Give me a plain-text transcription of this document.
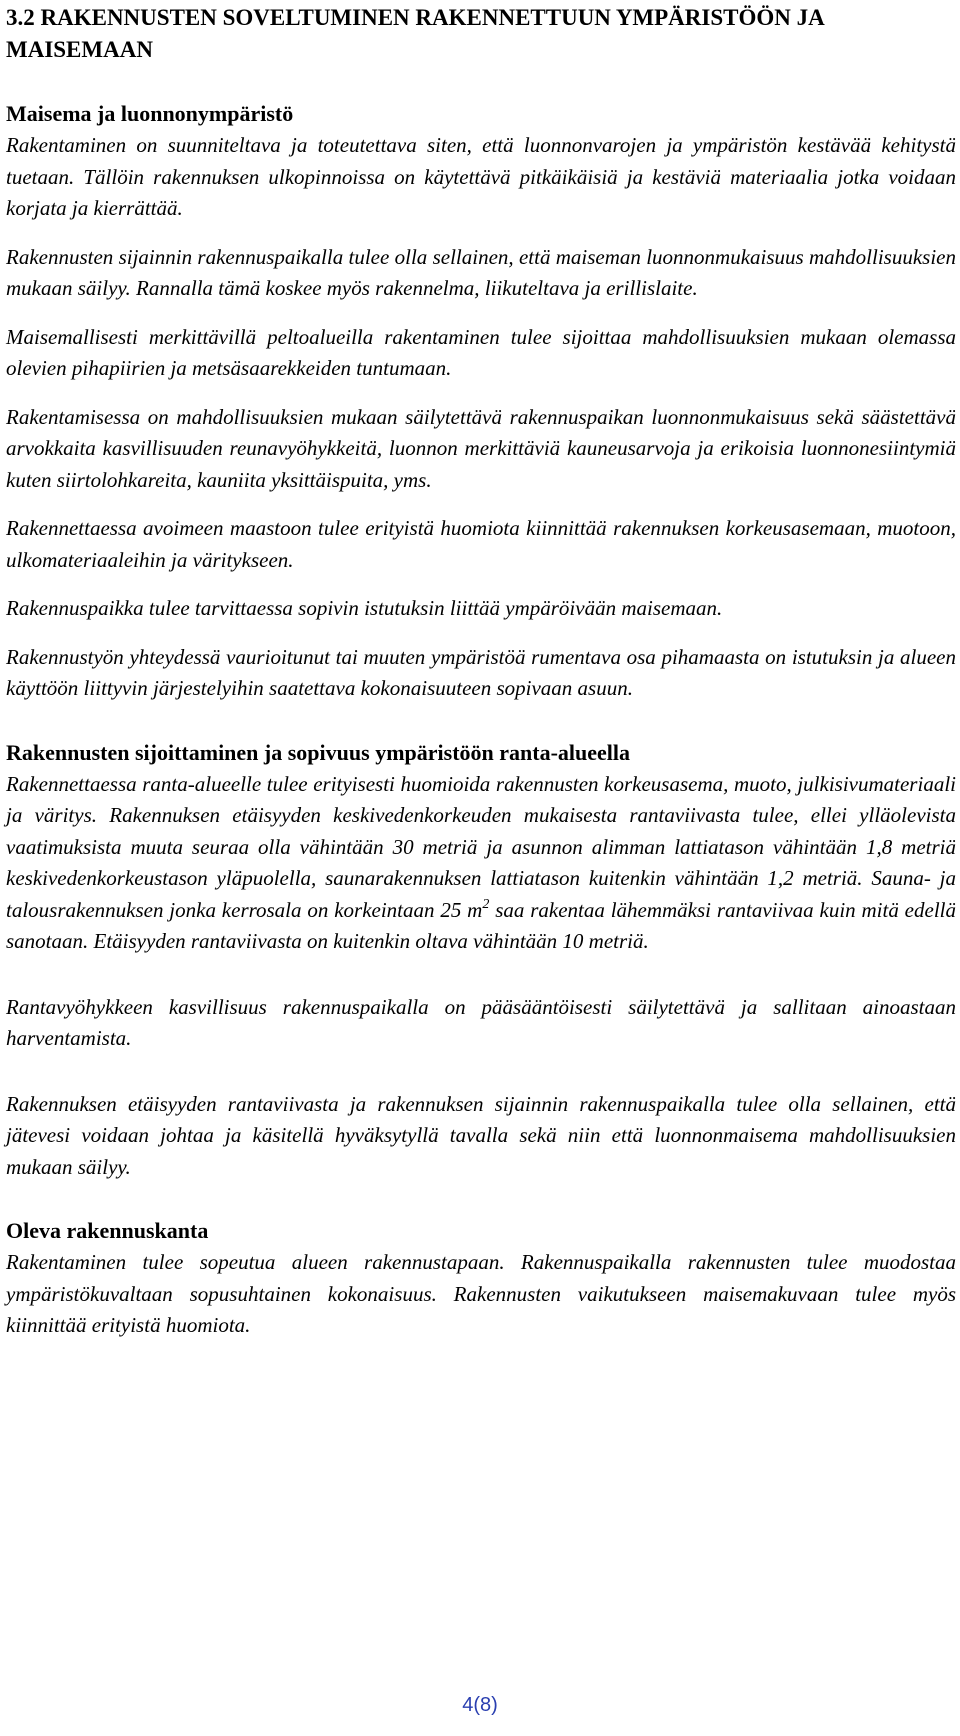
3.2 RAKENNUSTEN SOVELTUMINEN RAKENNETTUUN YMPÄRISTÖÖN JA MAISEMAAN
Maisema ja luonnonympäristö

Rakentaminen on suunniteltava ja toteutettava siten, että luonnonvarojen ja ympäristön kestävää kehitystä tuetaan. Tällöin rakennuksen ulkopinnoissa on käytettävä pitkäikäisiä ja kestäviä materiaalia jotka voidaan korjata ja kierrättää.

Rakennusten sijainnin rakennuspaikalla tulee olla sellainen, että maiseman luonnonmukaisuus mahdollisuuksien mukaan säilyy. Rannalla tämä koskee myös rakennelma, liikuteltava ja erillislaite.

Maisemallisesti merkittävillä peltoalueilla rakentaminen tulee sijoittaa mahdollisuuksien mukaan olemassa olevien pihapiirien ja metsäsaarekkeiden tuntumaan.

Rakentamisessa on mahdollisuuksien mukaan säilytettävä rakennuspaikan luonnonmukaisuus sekä säästettävä arvokkaita kasvillisuuden reunavyöhykkeitä, luonnon merkittäviä kauneusarvoja ja erikoisia luonnonesiintymiä kuten siirtolohkareita, kauniita yksittäispuita, yms.

Rakennettaessa avoimeen maastoon tulee erityistä huomiota kiinnittää rakennuksen korkeusasemaan, muotoon, ulkomateriaaleihin ja väritykseen.

Rakennuspaikka tulee tarvittaessa sopivin istutuksin liittää ympäröivään maisemaan.

Rakennustyön yhteydessä vaurioitunut tai muuten ympäristöä rumentava osa pihamaasta on istutuksin ja alueen käyttöön liittyvin järjestelyihin saatettava kokonaisuuteen sopivaan asuun.

Rakennusten sijoittaminen ja sopivuus ympäristöön ranta-alueella

Rakennettaessa ranta-alueelle tulee erityisesti huomioida rakennusten korkeusasema, muoto, julkisivumateriaali ja väritys. Rakennuksen etäisyyden keskivedenkorkeuden mukaisesta rantaviivasta tulee, ellei ylläolevista vaatimuksista muuta seuraa olla vähintään 30 metriä ja asunnon alimman lattiatason vähintään 1,8 metriä keskivedenkorkeustason yläpuolella, saunarakennuksen lattiatason kuitenkin vähintään 1,2 metriä. Sauna- ja talousrakennuksen jonka kerrosala on korkeintaan 25 $m^2$ saa rakentaa lähemmäksi rantaviivaa kuin mitä edellä sanotaan. Etäisyyden rantaviivasta on kuitenkin oltava vähintään 10 metriä.

Rantavyöhykkeen kasvillisuus rakennuspaikalla on pääsääntöisesti säilytettävä ja sallitaan ainoastaan harventamista.

Rakennuksen etäisyyden rantaviivasta ja rakennuksen sijainnin rakennuspaikalla tulee olla sellainen, että jätevesi voidaan johtaa ja käsitellä hyväksytyllä tavalla sekä niin että luonnonmaisema mahdollisuuksien mukaan säilyy.

Oleva rakennuskanta

Rakentaminen tulee sopeutua alueen rakennustapaan. Rakennuspaikalla rakennusten tulee muodostaa ympäristökuvaltaan sopusuhtainen kokonaisuus. Rakennusten vaikutukseen maisemakuvaan tulee myös kiinnittää erityistä huomiota.

4(8)
